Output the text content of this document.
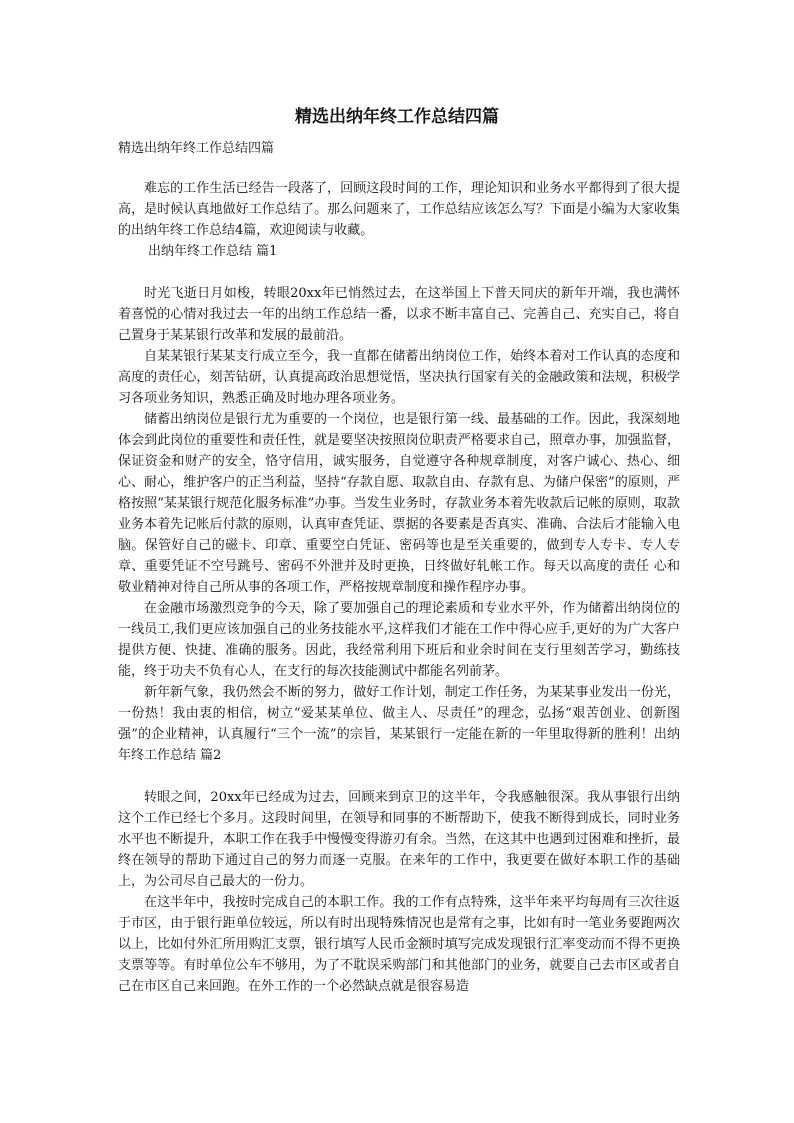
精选出纳年终工作总结四篇

精选出纳年终工作总结四篇

难忘的工作生活已经告一段落了，回顾这段时间的工作，理论知识和业务水平都得到了很大提高，是时候认真地做好工作总结了。那么问题来了，工作总结应该怎么写？下面是小编为大家收集的出纳年终工作总结4篇，欢迎阅读与收藏。

出纳年终工作总结 篇1

时光飞逝日月如梭，转眼20xx年已悄然过去，在这举国上下普天同庆的新年开端，我也满怀着喜悦的心情对我过去一年的出纳工作总结一番，以求不断丰富自己、完善自己、充实自己，将自己置身于某某银行改革和发展的最前沿。

自某某银行某某支行成立至今，我一直都在储蓄出纳岗位工作，始终本着对工作认真的态度和高度的责任心，刻苦钻研，认真提高政治思想觉悟，坚决执行国家有关的金融政策和法规，积极学习各项业务知识，熟悉正确及时地办理各项业务。

储蓄出纳岗位是银行尤为重要的一个岗位，也是银行第一线、最基础的工作。因此，我深刻地体会到此岗位的重要性和责任性，就是要坚决按照岗位职责严格要求自己，照章办事，加强监督，保证资金和财产的安全，恪守信用，诚实服务，自觉遵守各种规章制度，对客户诚心、热心、细心、耐心，维护客户的正当利益，坚持“存款自愿、取款自由、存款有息、为储户保密”的原则，严格按照“某某银行规范化服务标准”办事。当发生业务时，存款业务本着先收款后记帐的原则，取款业务本着先记帐后付款的原则，认真审查凭证、票据的各要素是否真实、准确、合法后才能输入电脑。保管好自己的磁卡、印章、重要空白凭证、密码等也是至关重要的，做到专人专卡、专人专章、重要凭证不空号跳号、密码不外泄并及时更换，日终做好轧帐工作。每天以高度的责任 心和敬业精神对待自己所从事的各项工作，严格按规章制度和操作程序办事。

在金融市场激烈竞争的今天，除了要加强自己的理论素质和专业水平外，作为储蓄出纳岗位的一线员工,我们更应该加强自己的业务技能水平,这样我们才能在工作中得心应手,更好的为广大客户提供方便、快捷、准确的服务。因此，我经常利用下班后和业余时间在支行里刻苦学习，勤练技能，终于功夫不负有心人，在支行的每次技能测试中都能名列前茅。

新年新气象，我仍然会不断的努力，做好工作计划，制定工作任务，为某某事业发出一份光，一份热！我由衷的相信，树立“爱某某单位、做主人、尽责任”的理念，弘扬“艰苦创业、创新图强”的企业精神，认真履行“三个一流”的宗旨，某某银行一定能在新的一年里取得新的胜利！出纳年终工作总结 篇2

转眼之间，20xx年已经成为过去，回顾来到京卫的这半年，令我感触很深。我从事银行出纳这个工作已经七个多月。这段时间里，在领导和同事的不断帮助下，使我不断得到成长，同时业务水平也不断提升，本职工作在我手中慢慢变得游刃有余。当然，在这其中也遇到过困难和挫折，最终在领导的帮助下通过自己的努力而逐一克服。在来年的工作中，我更要在做好本职工作的基础上，为公司尽自己最大的一份力。

在这半年中，我按时完成自己的本职工作。我的工作有点特殊，这半年来平均每周有三次往返于市区，由于银行距单位较远，所以有时出现特殊情况也是常有之事，比如有时一笔业务要跑两次以上，比如付外汇所用购汇支票，银行填写人民币金额时填写完成发现银行汇率变动而不得不更换支票等等。有时单位公车不够用，为了不耽误采购部门和其他部门的业务，就要自己去市区或者自己在市区自己来回跑。在外工作的一个必然缺点就是很容易造
